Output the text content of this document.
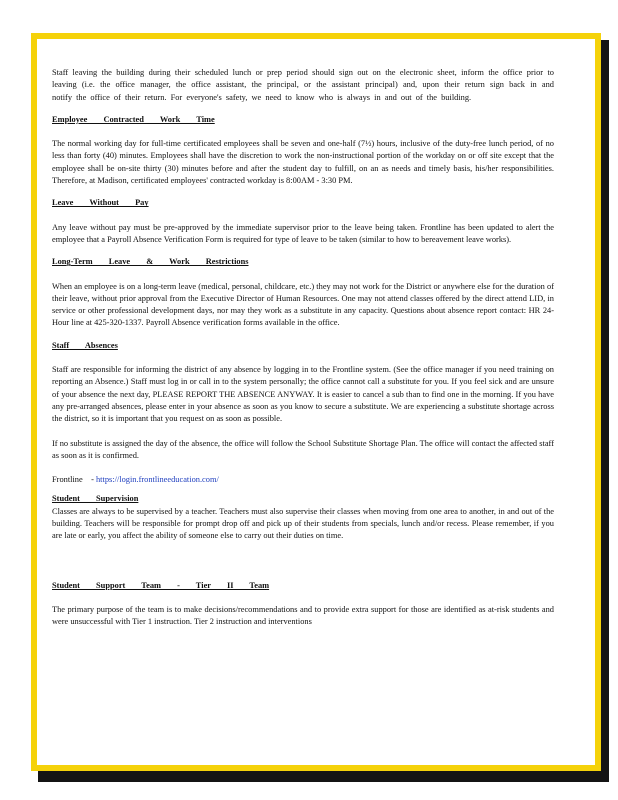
Staff leaving the building during their scheduled lunch or prep period should sign out on the electronic sheet, inform the office prior to leaving (i.e. the office manager, the office assistant, the principal, or the assistant principal) and, upon their return sign back in and notify the office of their return. For everyone's safety, we need to know who is always in and out of the building.

Employee Contracted Work Time

The normal working day for full-time certificated employees shall be seven and one-half (7½) hours, inclusive of the duty-free lunch period, of no less than forty (40) minutes. Employees shall have the discretion to work the non-instructional portion of the workday on or off site except that the employee shall be on-site thirty (30) minutes before and after the student day to fulfill, on an as needs and timely basis, his/her responsibilities. Therefore, at Madison, certificated employees' contracted workday is 8:00AM - 3:30 PM.

Leave Without Pay

Any leave without pay must be pre-approved by the immediate supervisor prior to the leave being taken. Frontline has been updated to alert the employee that a Payroll Absence Verification Form is required for type of leave to be taken (similar to how to bereavement leave works).

Long-Term Leave & Work Restrictions

When an employee is on a long-term leave (medical, personal, childcare, etc.) they may not work for the District or anywhere else for the duration of their leave, without prior approval from the Executive Director of Human Resources. One may not attend classes offered by the direct attend LID, in service or other professional development days, nor may they work as a substitute in any capacity. Questions about absence report contact: HR 24-Hour line at 425-320-1337. Payroll Absence verification forms available in the office.

Staff Absences

Staff are responsible for informing the district of any absence by logging in to the Frontline system. (See the office manager if you need training on reporting an Absence.) Staff must log in or call in to the system personally; the office cannot call a substitute for you. If you feel sick and are unsure of your absence the next day, PLEASE REPORT THE ABSENCE ANYWAY. It is easier to cancel a sub than to find one in the morning. If you have any pre-arranged absences, please enter in your absence as soon as you know to secure a substitute. We are experiencing a substitute shortage across the district, so it is important that you request on as soon as possible.

If no substitute is assigned the day of the absence, the office will follow the School Substitute Shortage Plan. The office will contact the affected staff as soon as it is confirmed.

Frontline - https://login.frontlineeducation.com/

Student Supervision

Classes are always to be supervised by a teacher. Teachers must also supervise their classes when moving from one area to another, in and out of the building. Teachers will be responsible for prompt drop off and pick up of their students from specials, lunch and/or recess. Please remember, if you are late or early, you affect the ability of someone else to carry out their duties on time.

Student Support Team - Tier II Team

The primary purpose of the team is to make decisions/recommendations and to provide extra support for those are identified as at-risk students and were unsuccessful with Tier 1 instruction. Tier 2 instruction and interventions
